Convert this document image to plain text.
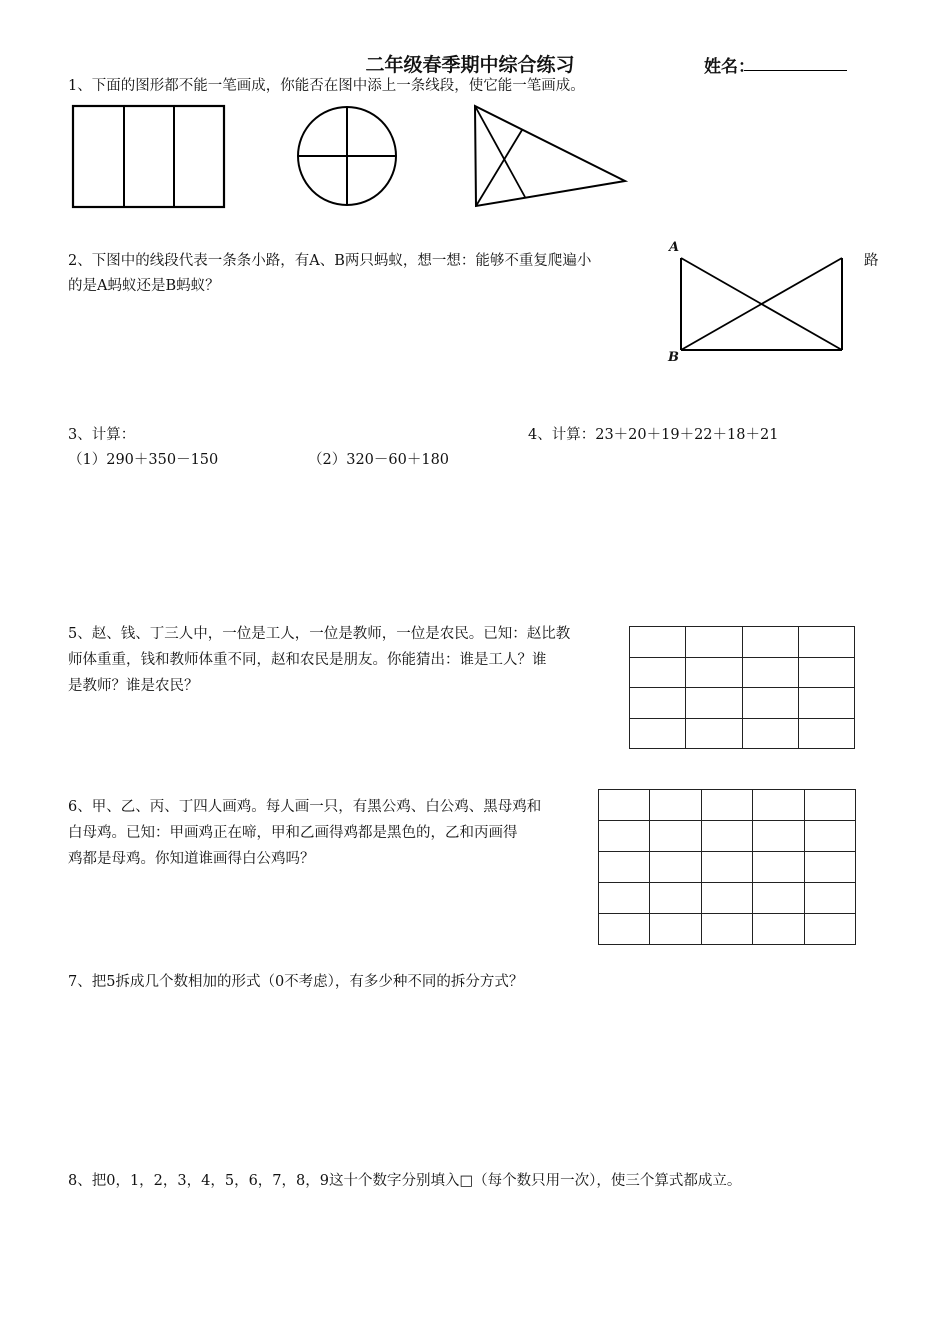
二年级春季期中综合练习	姓名：
1、下面的图形都不能一笔画成，你能否在图中添上一条线段，使它能一笔画成。
2、下图中的线段代表一条条小路，有A、B两只蚂蚁，想一想：能够不重复爬遍小	路
的是A蚂蚁还是B蚂蚁？
A
B
3、计算：
（1）290＋350－150	（2）320－60＋180
4、计算：23＋20＋19＋22＋18＋21
5、赵、钱、丁三人中，一位是工人，一位是教师，一位是农民。已知：赵比教
师体重重，钱和教师体重不同，赵和农民是朋友。你能猜出：谁是工人？谁
是教师？谁是农民？

6、甲、乙、丙、丁四人画鸡。每人画一只，有黑公鸡、白公鸡、黑母鸡和
白母鸡。已知：甲画鸡正在啼，甲和乙画得鸡都是黑色的，乙和丙画得
鸡都是母鸡。你知道谁画得白公鸡吗？

7、把5拆成几个数相加的形式（0不考虑），有多少种不同的拆分方式？
8、把0，1，2，3，4，5，6，7，8，9这十个数字分别填入□（每个数只用一次），使三个算式都成立。
